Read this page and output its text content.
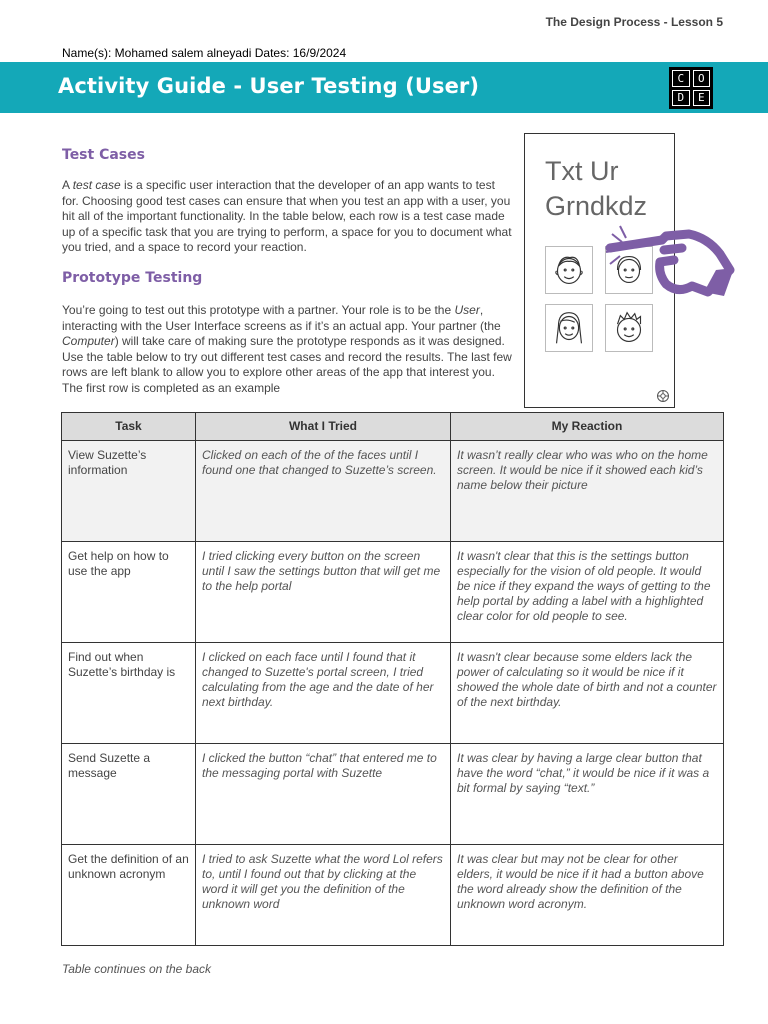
The Design Process - Lesson 5
Name(s): Mohamed salem alneyadi Dates: 16/9/2024
Activity Guide - User Testing (User)	C	O
D	E
Test Cases

A test case is a specific user interaction that the developer of an app wants to test for. Choosing good test cases can ensure that when you test an app with a user, you hit all of the important functionality. In the table below, each row is a test case made up of a specific task that you are trying to perform, a space for you to document what you tried, and a space to record your reaction.

Prototype Testing

You’re going to test out this prototype with a partner. Your role is to be the User, interacting with the User Interface screens as if it’s an actual app. Your partner (the Computer) will take care of making sure the prototype responds as it was designed. Use the table below to try out different test cases and record the results. The last few rows are left blank to allow you to explore other areas of the app that interest you. The first row is completed as an example

Txt Ur Grndkdz
Task	What I Tried	My Reaction
View Suzette’s information	Clicked on each of the of the faces until I found one that changed to Suzette’s screen.	It wasn’t really clear who was who on the home screen. It would be nice if it showed each kid’s name below their picture
Get help on how to use the app	I tried clicking every button on the screen until I saw the settings button that will get me to the help portal	It wasn't clear that this is the settings button especially for the vision of old people. It would be nice if they expand the ways of getting to the help portal by adding a label with a highlighted clear color for old people to see.
Find out when Suzette’s birthday is	I clicked on each face until I found that it changed to Suzette's portal screen, I tried calculating from the age and the date of her next birthday.	It wasn't clear because some elders lack the power of calculating so it would be nice if it showed the whole date of birth and not a counter of the next birthday.
Send Suzette a message	I clicked the button “chat” that entered me to the messaging portal with Suzette	It was clear by having a large clear button that have the word “chat,” it would be nice if it was a bit formal by saying “text.”
Get the definition of an unknown acronym	I tried to ask Suzette what the word Lol refers to, until I found out that by clicking at the word it will get you the definition of the unknown word	It was clear but may not be clear for other elders, it would be nice if it had a button above the word already show the definition of the unknown word acronym.
Table continues on the back
